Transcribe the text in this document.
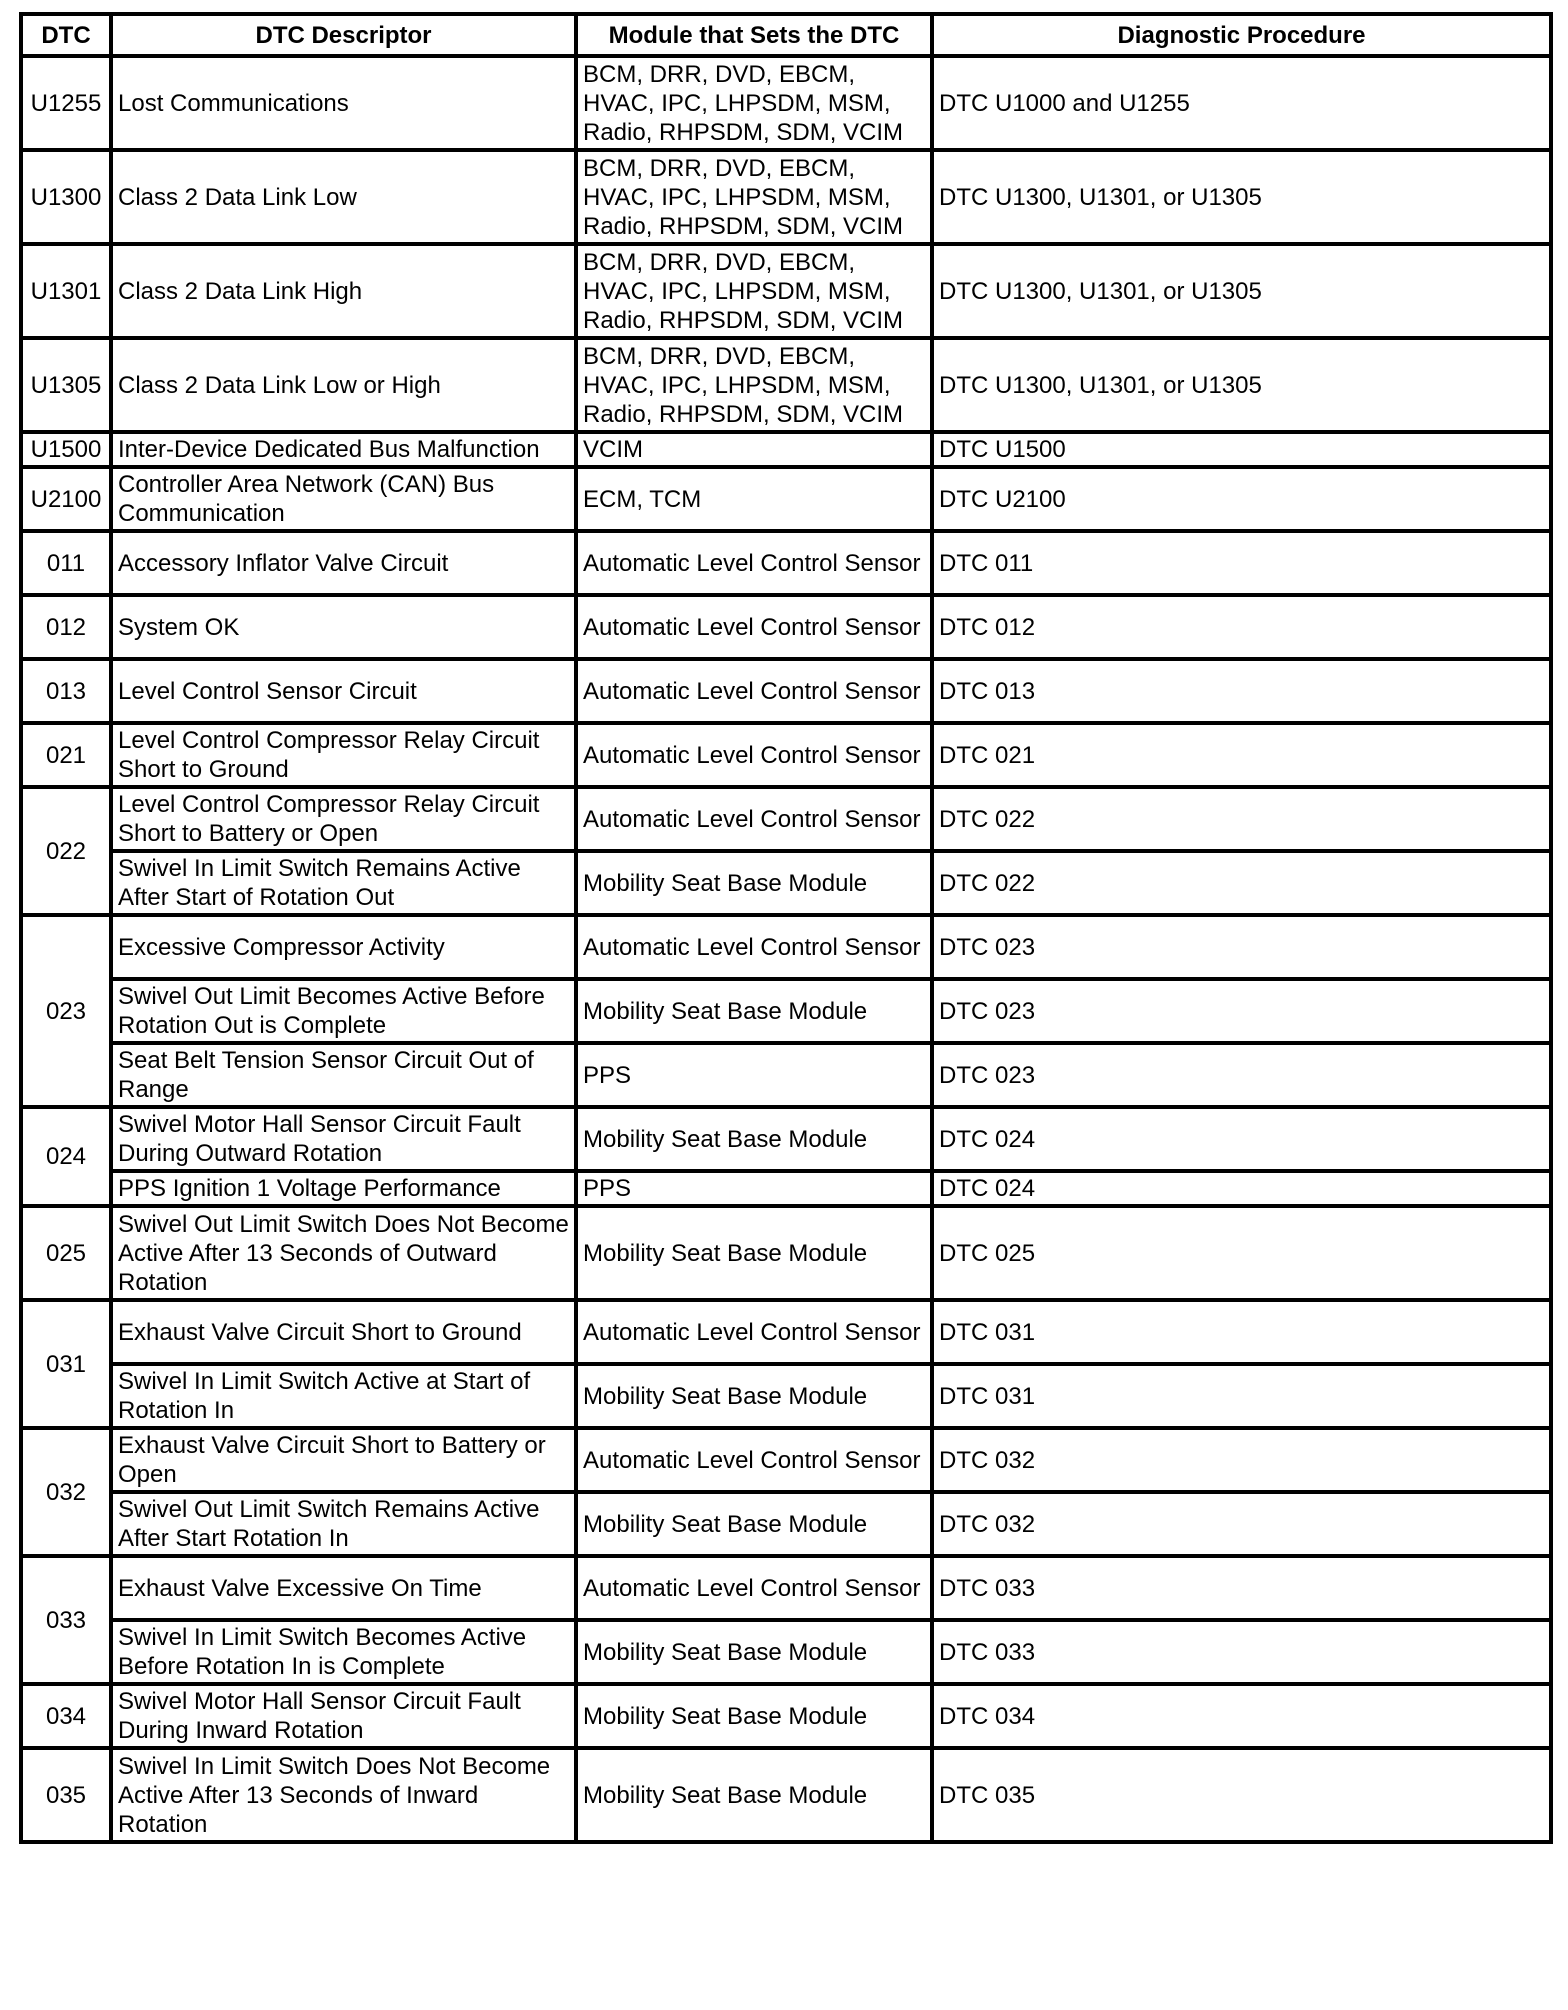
DTC	DTC Descriptor	Module that Sets the DTC	Diagnostic Procedure
U1255	Lost Communications	BCM, DRR, DVD, EBCM, HVAC, IPC, LHPSDM, MSM, Radio, RHPSDM, SDM, VCIM	DTC U1000 and U1255
U1300	Class 2 Data Link Low	BCM, DRR, DVD, EBCM, HVAC, IPC, LHPSDM, MSM, Radio, RHPSDM, SDM, VCIM	DTC U1300, U1301, or U1305
U1301	Class 2 Data Link High	BCM, DRR, DVD, EBCM, HVAC, IPC, LHPSDM, MSM, Radio, RHPSDM, SDM, VCIM	DTC U1300, U1301, or U1305
U1305	Class 2 Data Link Low or High	BCM, DRR, DVD, EBCM, HVAC, IPC, LHPSDM, MSM, Radio, RHPSDM, SDM, VCIM	DTC U1300, U1301, or U1305
U1500	Inter-Device Dedicated Bus Malfunction	VCIM	DTC U1500
U2100	Controller Area Network (CAN) Bus Communication	ECM, TCM	DTC U2100
011	Accessory Inflator Valve Circuit	Automatic Level Control Sensor	DTC 011
012	System OK	Automatic Level Control Sensor	DTC 012
013	Level Control Sensor Circuit	Automatic Level Control Sensor	DTC 013
021	Level Control Compressor Relay Circuit Short to Ground	Automatic Level Control Sensor	DTC 021
022	Level Control Compressor Relay Circuit Short to Battery or Open	Automatic Level Control Sensor	DTC 022
	Swivel In Limit Switch Remains Active After Start of Rotation Out	Mobility Seat Base Module	DTC 022
023	Excessive Compressor Activity	Automatic Level Control Sensor	DTC 023
	Swivel Out Limit Becomes Active Before Rotation Out is Complete	Mobility Seat Base Module	DTC 023
	Seat Belt Tension Sensor Circuit Out of Range	PPS	DTC 023
024	Swivel Motor Hall Sensor Circuit Fault During Outward Rotation	Mobility Seat Base Module	DTC 024
	PPS Ignition 1 Voltage Performance	PPS	DTC 024
025	Swivel Out Limit Switch Does Not Become Active After 13 Seconds of Outward Rotation	Mobility Seat Base Module	DTC 025
031	Exhaust Valve Circuit Short to Ground	Automatic Level Control Sensor	DTC 031
	Swivel In Limit Switch Active at Start of Rotation In	Mobility Seat Base Module	DTC 031
032	Exhaust Valve Circuit Short to Battery or Open	Automatic Level Control Sensor	DTC 032
	Swivel Out Limit Switch Remains Active After Start Rotation In	Mobility Seat Base Module	DTC 032
033	Exhaust Valve Excessive On Time	Automatic Level Control Sensor	DTC 033
	Swivel In Limit Switch Becomes Active Before Rotation In is Complete	Mobility Seat Base Module	DTC 033
034	Swivel Motor Hall Sensor Circuit Fault During Inward Rotation	Mobility Seat Base Module	DTC 034
035	Swivel In Limit Switch Does Not Become Active After 13 Seconds of Inward Rotation	Mobility Seat Base Module	DTC 035
